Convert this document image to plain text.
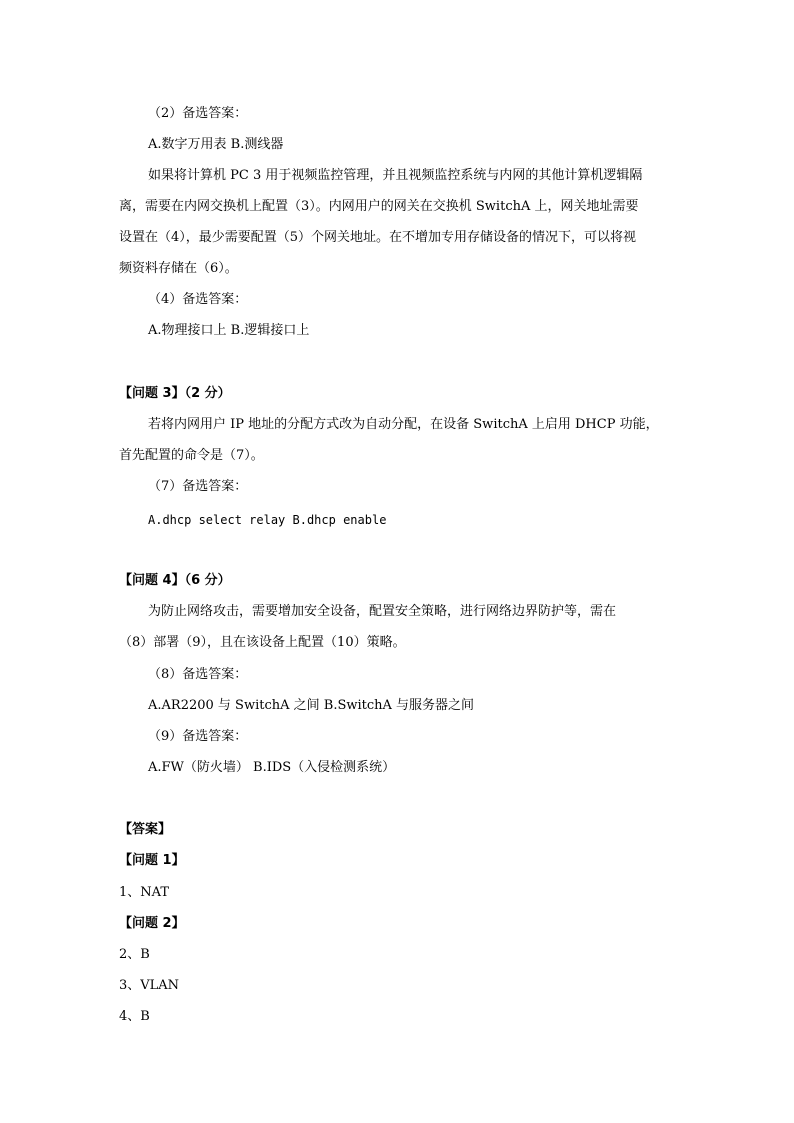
（2）备选答案：
A.数字万用表 B.测线器
如果将计算机 PC 3 用于视频监控管理，并且视频监控系统与内网的其他计算机逻辑隔
离，需要在内网交换机上配置（3）。内网用户的网关在交换机 SwitchA 上，网关地址需要
设置在（4），最少需要配置（5）个网关地址。在不增加专用存储设备的情况下，可以将视
频资料存储在（6）。
（4）备选答案：
A.物理接口上 B.逻辑接口上
【问题 3】（2 分）
若将内网用户 IP 地址的分配方式改为自动分配，在设备 SwitchA 上启用 DHCP 功能，
首先配置的命令是（7）。
（7）备选答案：
A.dhcp select relay B.dhcp enable
【问题 4】（6 分）
为防止网络攻击，需要增加安全设备，配置安全策略，进行网络边界防护等，需在
（8）部署（9），且在该设备上配置（10）策略。
（8）备选答案：
A.AR2200 与 SwitchA 之间 B.SwitchA 与服务器之间
（9）备选答案：
A.FW（防火墙） B.IDS（入侵检测系统）
【答案】
【问题 1】
1、NAT
【问题 2】
2、B
3、VLAN
4、B
